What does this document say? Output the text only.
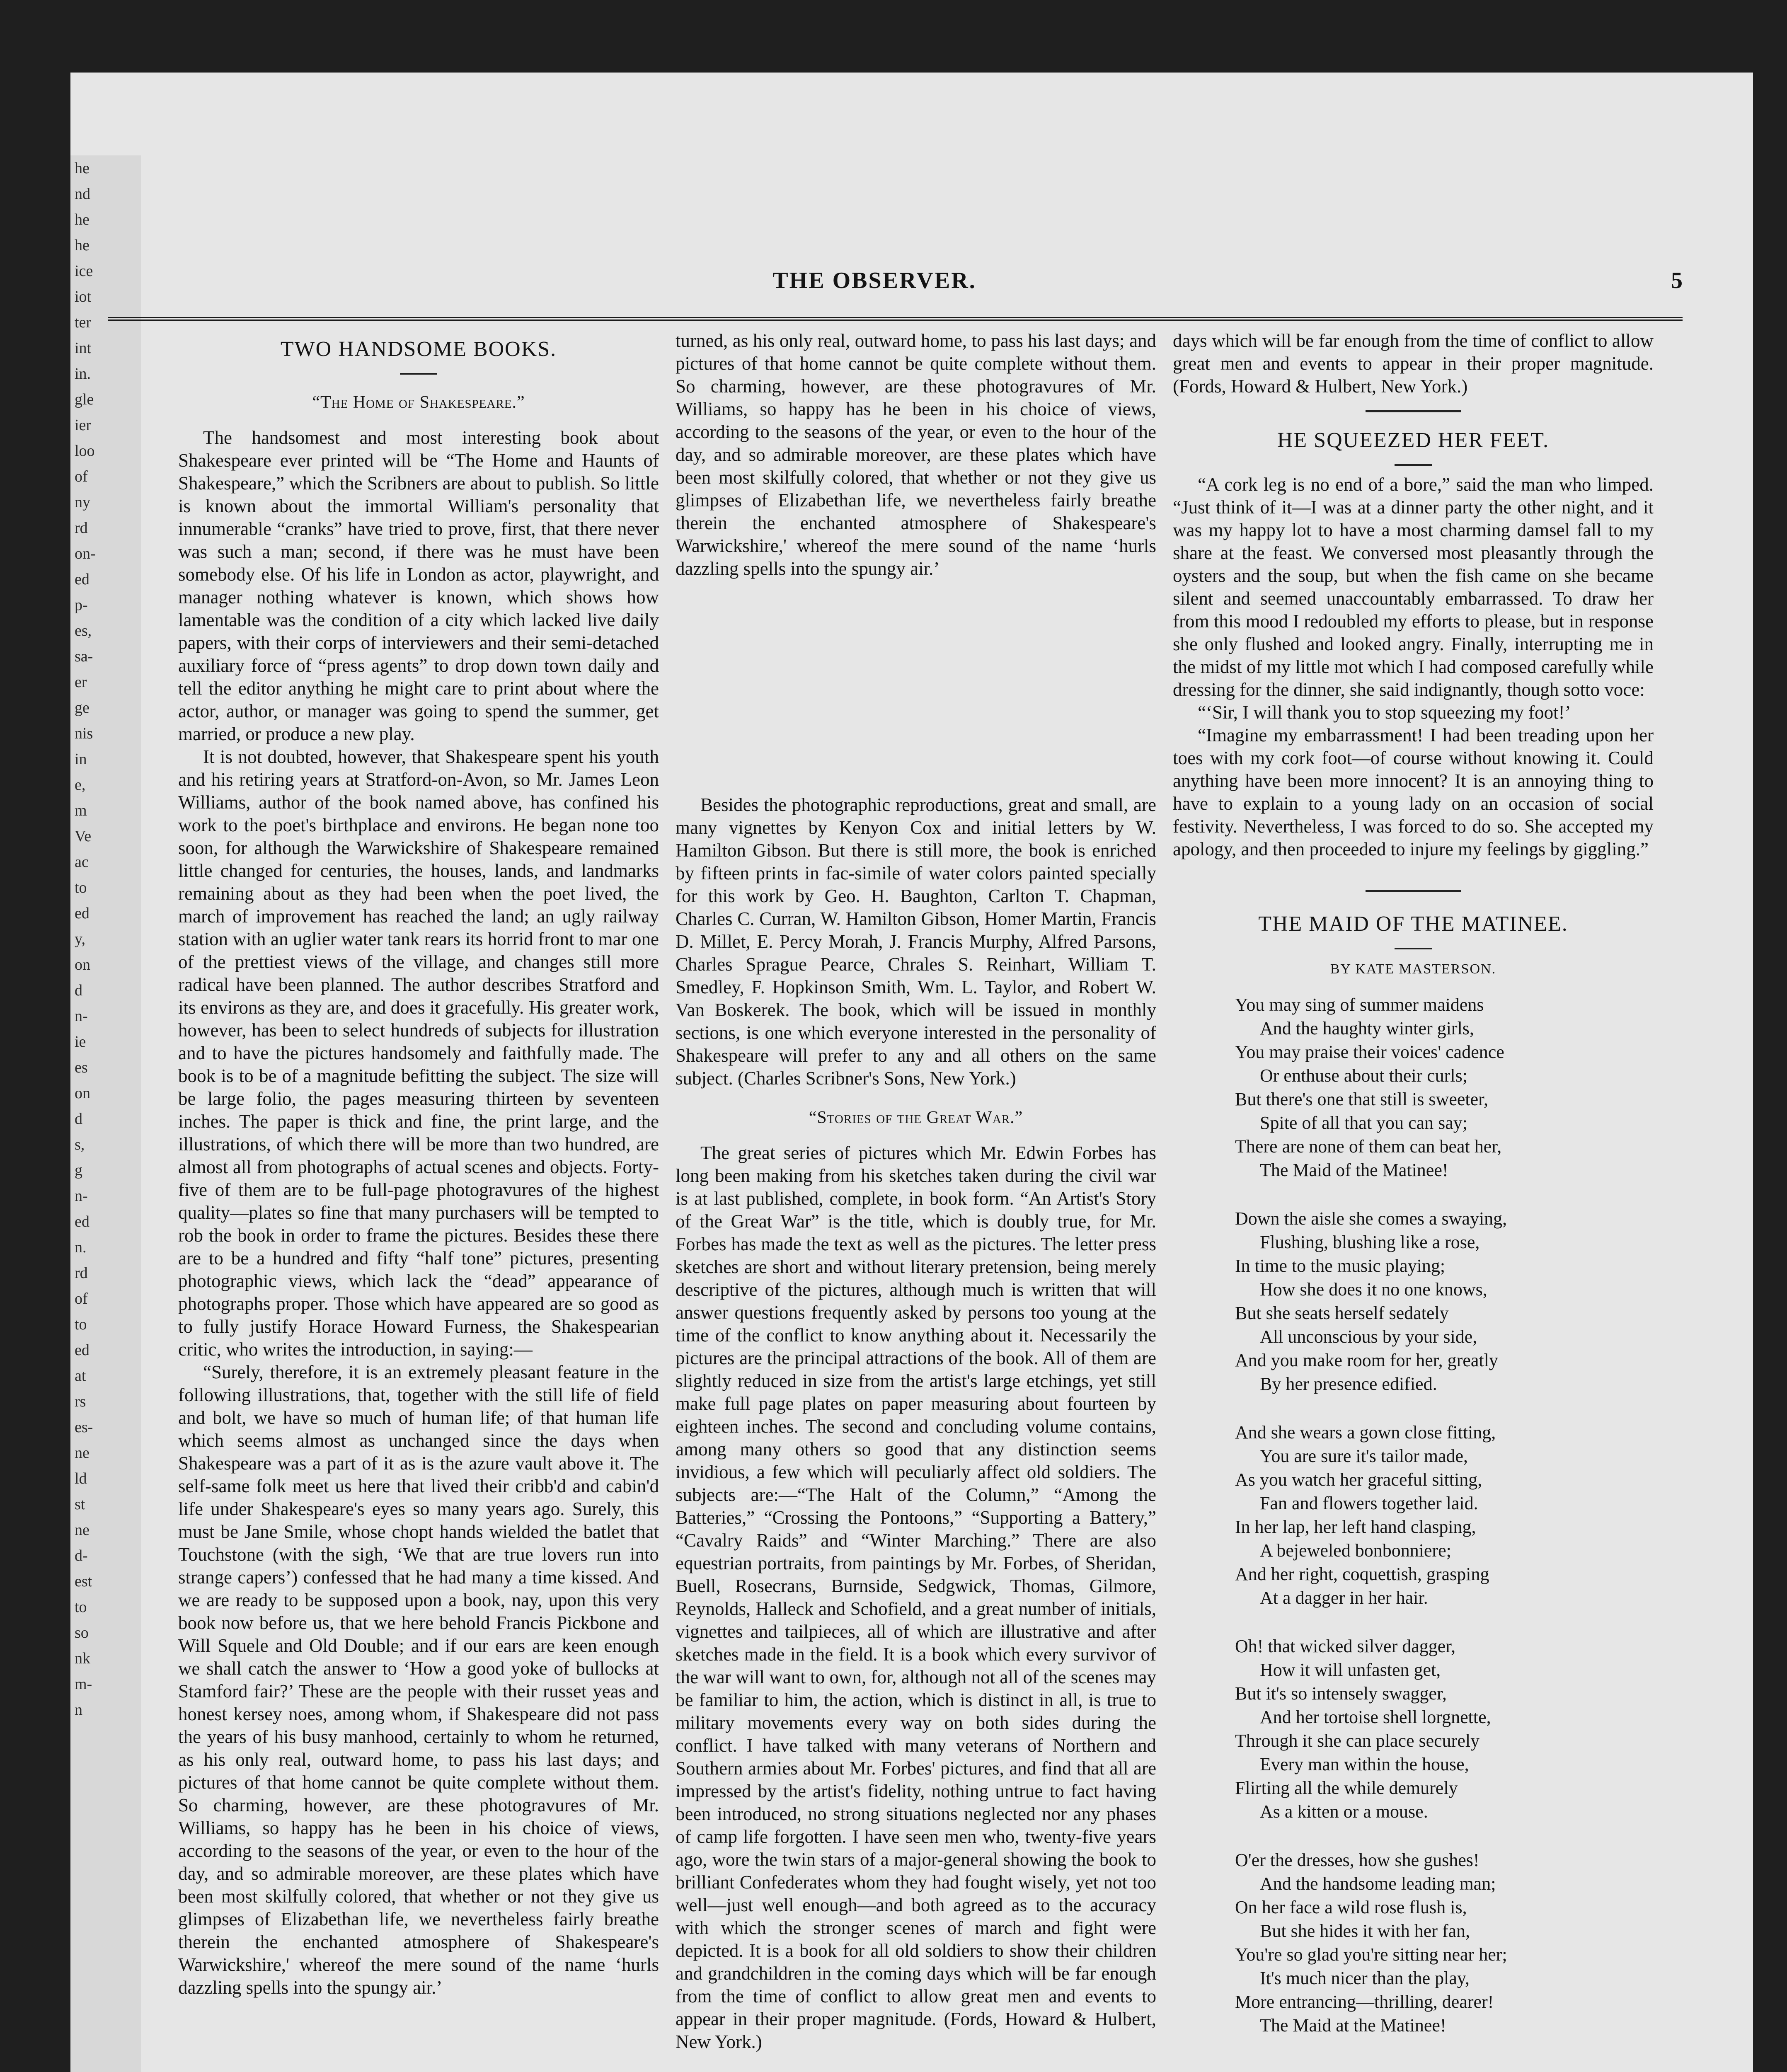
he
nd
he
he
ice
iot
ter
int
in.
gle
ier
loo
of
ny
rd
on-
ed
p-
es,
sa-
er
ge
nis
in
e,
m
Ve
ac
to
ed
y,
on
d
n-
ie
es
on
d
s,
g
n-
ed
n.
rd
of
to
ed
at
rs
es-
ne
ld
st
ne
d-
est
to
so
nk
m-
n
THE OBSERVER.	5
TWO HANDSOME BOOKS.
“The Home of Shakespeare.”

The handsomest and most interesting book about Shakespeare ever printed will be “The Home and Haunts of Shakespeare,” which the Scribners are about to publish. So little is known about the immortal William's personality that innumerable “cranks” have tried to prove, first, that there never was such a man; second, if there was he must have been somebody else. Of his life in London as actor, playwright, and manager nothing whatever is known, which shows how lamentable was the condition of a city which lacked live daily papers, with their corps of interviewers and their semi-detached auxiliary force of “press agents” to drop down town daily and tell the editor anything he might care to print about where the actor, author, or manager was going to spend the summer, get married, or produce a new play.

It is not doubted, however, that Shakespeare spent his youth and his retiring years at Stratford-on-Avon, so Mr. James Leon Williams, author of the book named above, has confined his work to the poet's birthplace and environs. He began none too soon, for although the Warwickshire of Shakespeare remained little changed for centuries, the houses, lands, and landmarks remaining about as they had been when the poet lived, the march of improvement has reached the land; an ugly railway station with an uglier water tank rears its horrid front to mar one of the prettiest views of the village, and changes still more radical have been planned. The author describes Stratford and its environs as they are, and does it gracefully. His greater work, however, has been to select hundreds of subjects for illustration and to have the pictures handsomely and faithfully made. The book is to be of a magnitude befitting the subject. The size will be large folio, the pages measuring thirteen by seventeen inches. The paper is thick and fine, the print large, and the illustrations, of which there will be more than two hundred, are almost all from photographs of actual scenes and objects. Forty-five of them are to be full-page photogravures of the highest quality—plates so fine that many purchasers will be tempted to rob the book in order to frame the pictures. Besides these there are to be a hundred and fifty “half tone” pictures, presenting photographic views, which lack the “dead” appearance of photographs proper. Those which have appeared are so good as to fully justify Horace Howard Furness, the Shakespearian critic, who writes the introduction, in saying:—

“Surely, therefore, it is an extremely pleasant feature in the following illustrations, that, together with the still life of field and bolt, we have so much of human life; of that human life which seems almost as unchanged since the days when Shakespeare was a part of it as is the azure vault above it. The self-same folk meet us here that lived their cribb'd and cabin'd life under Shakespeare's eyes so many years ago. Surely, this must be Jane Smile, whose chopt hands wielded the batlet that Touchstone (with the sigh, ‘We that are true lovers run into strange capers’) confessed that he had many a time kissed. And we are ready to be supposed upon a book, nay, upon this very book now before us, that we here behold Francis Pickbone and Will Squele and Old Double; and if our ears are keen enough we shall catch the answer to ‘How a good yoke of bullocks at Stamford fair?’ These are the people with their russet yeas and honest kersey noes, among whom, if Shakespeare did not pass the years of his busy manhood, certainly to whom he returned, as his only real, outward home, to pass his last days; and pictures of that home cannot be quite complete without them. So charming, however, are these photogravures of Mr. Williams, so happy has he been in his choice of views, according to the seasons of the year, or even to the hour of the day, and so admirable moreover, are these plates which have been most skilfully colored, that whether or not they give us glimpses of Elizabethan life, we nevertheless fairly breathe therein the enchanted atmosphere of Shakespeare's Warwickshire,' whereof the mere sound of the name ‘hurls dazzling spells into the spungy air.’

turned, as his only real, outward home, to pass his last days; and pictures of that home cannot be quite complete without them. So charming, however, are these photogravures of Mr. Williams, so happy has he been in his choice of views, according to the seasons of the year, or even to the hour of the day, and so admirable moreover, are these plates which have been most skilfully colored, that whether or not they give us glimpses of Elizabethan life, we nevertheless fairly breathe therein the enchanted atmosphere of Shakespeare's Warwickshire,' whereof the mere sound of the name ‘hurls dazzling spells into the spungy air.’

Besides the photographic reproductions, great and small, are many vignettes by Kenyon Cox and initial letters by W. Hamilton Gibson. But there is still more, the book is enriched by fifteen prints in fac-simile of water colors painted specially for this work by Geo. H. Baughton, Carlton T. Chapman, Charles C. Curran, W. Hamilton Gibson, Homer Martin, Francis D. Millet, E. Percy Morah, J. Francis Murphy, Alfred Parsons, Charles Sprague Pearce, Chrales S. Reinhart, William T. Smedley, F. Hopkinson Smith, Wm. L. Taylor, and Robert W. Van Boskerek. The book, which will be issued in monthly sections, is one which everyone interested in the personality of Shakespeare will prefer to any and all others on the same subject. (Charles Scribner's Sons, New York.)

“Stories of the Great War.”

The great series of pictures which Mr. Edwin Forbes has long been making from his sketches taken during the civil war is at last published, complete, in book form. “An Artist's Story of the Great War” is the title, which is doubly true, for Mr. Forbes has made the text as well as the pictures. The letter press sketches are short and without literary pretension, being merely descriptive of the pictures, although much is written that will answer questions frequently asked by persons too young at the time of the conflict to know anything about it. Necessarily the pictures are the principal attractions of the book. All of them are slightly reduced in size from the artist's large etchings, yet still make full page plates on paper measuring about fourteen by eighteen inches. The second and concluding volume contains, among many others so good that any distinction seems invidious, a few which will peculiarly affect old soldiers. The subjects are:—“The Halt of the Column,” “Among the Batteries,” “Crossing the Pontoons,” “Supporting a Battery,” “Cavalry Raids” and “Winter Marching.” There are also equestrian portraits, from paintings by Mr. Forbes, of Sheridan, Buell, Rosecrans, Burnside, Sedgwick, Thomas, Gilmore, Reynolds, Halleck and Schofield, and a great number of initials, vignettes and tailpieces, all of which are illustrative and after sketches made in the field. It is a book which every survivor of the war will want to own, for, although not all of the scenes may be familiar to him, the action, which is distinct in all, is true to military movements every way on both sides during the conflict. I have talked with many veterans of Northern and Southern armies about Mr. Forbes' pictures, and find that all are impressed by the artist's fidelity, nothing untrue to fact having been introduced, no strong situations neglected nor any phases of camp life forgotten. I have seen men who, twenty-five years ago, wore the twin stars of a major-general showing the book to brilliant Confederates whom they had fought wisely, yet not too well—just well enough—and both agreed as to the accuracy with which the stronger scenes of march and fight were depicted. It is a book for all old soldiers to show their children and grandchildren in the coming days which will be far enough from the time of conflict to allow great men and events to appear in their proper magnitude. (Fords, Howard & Hulbert, New York.)

days which will be far enough from the time of conflict to allow great men and events to appear in their proper magnitude. (Fords, Howard & Hulbert, New York.)

HE SQUEEZED HER FEET.

“A cork leg is no end of a bore,” said the man who limped. “Just think of it—I was at a dinner party the other night, and it was my happy lot to have a most charming damsel fall to my share at the feast. We conversed most pleasantly through the oysters and the soup, but when the fish came on she became silent and seemed unaccountably embarrassed. To draw her from this mood I redoubled my efforts to please, but in response she only flushed and looked angry. Finally, interrupting me in the midst of my little mot which I had composed carefully while dressing for the dinner, she said indignantly, though sotto voce:

“‘Sir, I will thank you to stop squeezing my foot!’

“Imagine my embarrassment! I had been treading upon her toes with my cork foot—of course without knowing it. Could anything have been more innocent? It is an annoying thing to have to explain to a young lady on an occasion of social festivity. Nevertheless, I was forced to do so. She accepted my apology, and then proceeded to injure my feelings by giggling.”

THE MAID OF THE MATINEE.
BY KATE MASTERSON.
You may sing of summer maidens
And the haughty winter girls,
You may praise their voices' cadence
Or enthuse about their curls;
But there's one that still is sweeter,
Spite of all that you can say;
There are none of them can beat her,
The Maid of the Matinee!
Down the aisle she comes a swaying,
Flushing, blushing like a rose,
In time to the music playing;
How she does it no one knows,
But she seats herself sedately
All unconscious by your side,
And you make room for her, greatly
By her presence edified.
And she wears a gown close fitting,
You are sure it's tailor made,
As you watch her graceful sitting,
Fan and flowers together laid.
In her lap, her left hand clasping,
A bejeweled bonbonniere;
And her right, coquettish, grasping
At a dagger in her hair.
Oh! that wicked silver dagger,
How it will unfasten get,
But it's so intensely swagger,
And her tortoise shell lorgnette,
Through it she can place securely
Every man within the house,
Flirting all the while demurely
As a kitten or a mouse.
O'er the dresses, how she gushes!
And the handsome leading man;
On her face a wild rose flush is,
But she hides it with her fan,
You're so glad you're sitting near her;
It's much nicer than the play,
More entrancing—thrilling, dearer!
The Maid at the Matinee!
